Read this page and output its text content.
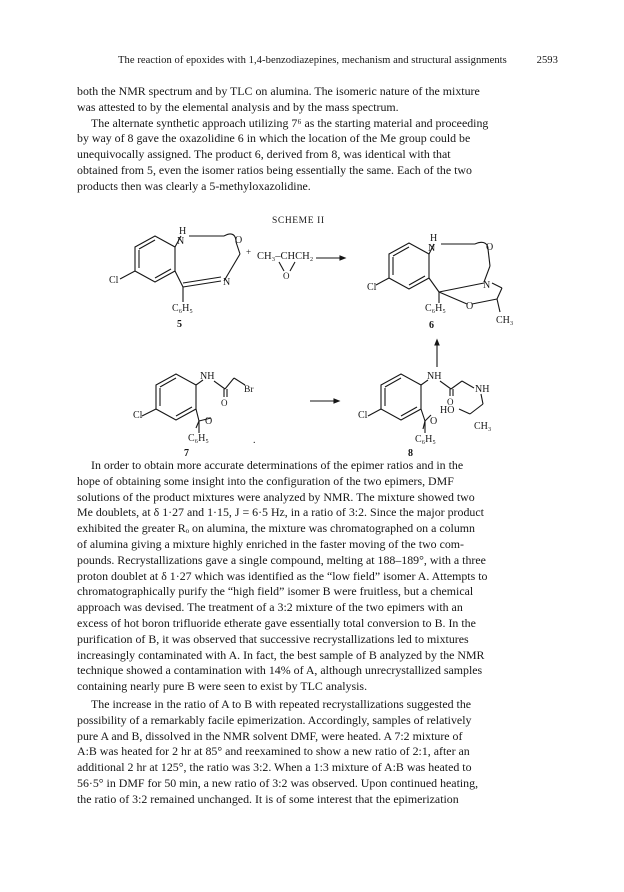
The reaction of epoxides with 1,4-benzodiazepines, mechanism and structural assignments	2593

both the NMR spectrum and by TLC on alumina. The isomeric nature of the mixture

was attested to by the elemental analysis and by the mass spectrum.

The alternate synthetic approach utilizing 7⁶ as the starting material and proceeding

by way of 8 gave the oxazolidine 6 in which the location of the Me group could be

unequivocally assigned. The product 6, derived from 8, was identical with that

obtained from 5, even the isomer ratios being essentially the same. Each of the two

products then was clearly a 5-methyloxazolidine.

SCHEME II
H
N	O
N
Cl
C₆H₅
5
+ CH₃–CHCH₂
O
H
N	O
N
O
Cl
C₆H₅
CH₃
6
NH
O
Br
O
Cl
C₆H₅
7
.
NH
O
NH
HO
O	CH₃
Cl
C₆H₅
8

In order to obtain more accurate determinations of the epimer ratios and in the

hope of obtaining some insight into the configuration of the two epimers, DMF

solutions of the product mixtures were analyzed by NMR. The mixture showed two

Me doublets, at δ 1·27 and 1·15, J = 6·5 Hz, in a ratio of 3:2. Since the major product

exhibited the greater Rₒ on alumina, the mixture was chromatographed on a column

of alumina giving a mixture highly enriched in the faster moving of the two com-

pounds. Recrystallizations gave a single compound, melting at 188–189°, with a three

proton doublet at δ 1·27 which was identified as the “low field” isomer A. Attempts to

chromatographically purify the “high field” isomer B were fruitless, but a chemical

approach was devised. The treatment of a 3:2 mixture of the two epimers with an

excess of hot boron trifluoride etherate gave essentially total conversion to B. In the

purification of B, it was observed that successive recrystallizations led to mixtures

increasingly contaminated with A. In fact, the best sample of B analyzed by the NMR

technique showed a contamination with 14% of A, although unrecrystallized samples

containing nearly pure B were seen to exist by TLC analysis.

The increase in the ratio of A to B with repeated recrystallizations suggested the

possibility of a remarkably facile epimerization. Accordingly, samples of relatively

pure A and B, dissolved in the NMR solvent DMF, were heated. A 7:2 mixture of

A:B was heated for 2 hr at 85° and reexamined to show a new ratio of 2:1, after an

additional 2 hr at 125°, the ratio was 3:2. When a 1:3 mixture of A:B was heated to

56·5° in DMF for 50 min, a new ratio of 3:2 was observed. Upon continued heating,

the ratio of 3:2 remained unchanged. It is of some interest that the epimerization
